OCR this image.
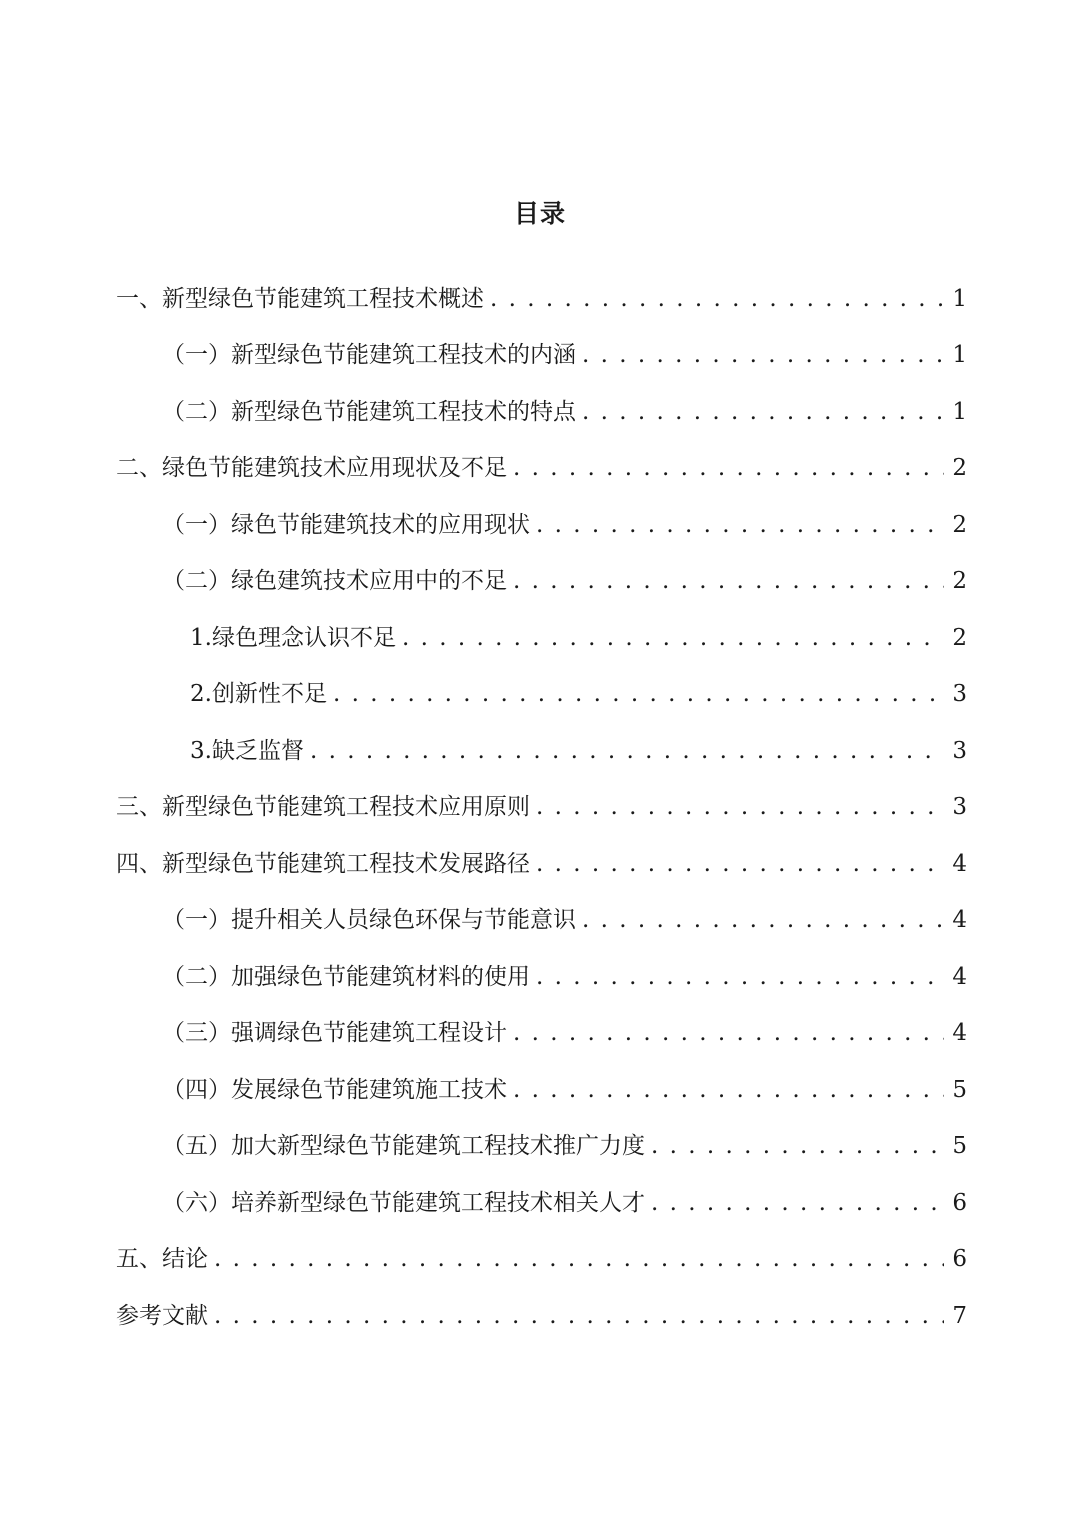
目录
一、新型绿色节能建筑工程技术概述 . . .	1
（一）新型绿色节能建筑工程技术的内涵 . . .	1
（二）新型绿色节能建筑工程技术的特点 . . .	1
二、绿色节能建筑技术应用现状及不足 . . .	2
（一）绿色节能建筑技术的应用现状 . . .	2
（二）绿色建筑技术应用中的不足 . . .	2
1.绿色理念认识不足 . . .	2
2.创新性不足 . . .	3
3.缺乏监督 . . .	3
三、新型绿色节能建筑工程技术应用原则 . . .	3
四、新型绿色节能建筑工程技术发展路径 . . .	4
（一）提升相关人员绿色环保与节能意识 . . .	4
（二）加强绿色节能建筑材料的使用 . . .	4
（三）强调绿色节能建筑工程设计 . . .	4
（四）发展绿色节能建筑施工技术 . . .	5
（五）加大新型绿色节能建筑工程技术推广力度 . . .	5
（六）培养新型绿色节能建筑工程技术相关人才 . . .	6
五、结论 . . .	6
参考文献 . . .	7
